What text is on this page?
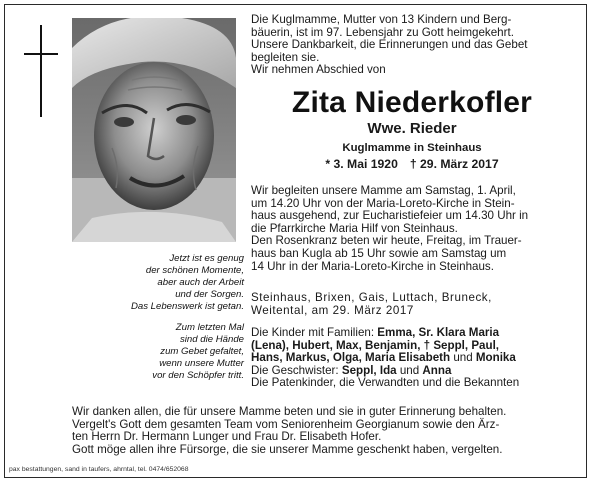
Jetzt ist es genug
der schönen Momente,
aber auch der Arbeit
und der Sorgen.
Das Lebenswerk ist getan.
Zum letzten Mal
sind die Hände
zum Gebet gefaltet,
wenn unsere Mutter
vor den Schöpfer tritt.
Die Kuglmamme, Mutter von 13 Kindern und Berg-
bäuerin, ist im 97. Lebensjahr zu Gott heimgekehrt.
Unsere Dankbarkeit, die Erinnerungen und das Gebet
begleiten sie.
Wir nehmen Abschied von
Zita Niederkofler
Wwe. Rieder
Kuglmamme in Steinhaus
* 3. Mai 1920 † 29. März 2017
Wir begleiten unsere Mamme am Samstag, 1. April,
um 14.20 Uhr von der Maria-Loreto-Kirche in Stein-
haus ausgehend, zur Eucharistiefeier um 14.30 Uhr in
die Pfarrkirche Maria Hilf von Steinhaus.
Den Rosenkranz beten wir heute, Freitag, im Trauer-
haus ban Kugla ab 15 Uhr sowie am Samstag um
14 Uhr in der Maria-Loreto-Kirche in Steinhaus.
Steinhaus, Brixen, Gais, Luttach, Bruneck,
Weitental, am 29. März 2017
Die Kinder mit Familien: Emma, Sr. Klara Maria
(Lena), Hubert, Max, Benjamin, † Seppl, Paul,
Hans, Markus, Olga, Maria Elisabeth und Monika
Die Geschwister: Seppl, Ida und Anna
Die Patenkinder, die Verwandten und die Bekannten
Wir danken allen, die für unsere Mamme beten und sie in guter Erinnerung behalten.
Vergelt's Gott dem gesamten Team vom Seniorenheim Georgianum sowie den Ärz-
ten Herrn Dr. Hermann Lunger und Frau Dr. Elisabeth Hofer.
Gott möge allen ihre Fürsorge, die sie unserer Mamme geschenkt haben, vergelten.
pax bestattungen, sand in taufers, ahrntal, tel. 0474/652068
